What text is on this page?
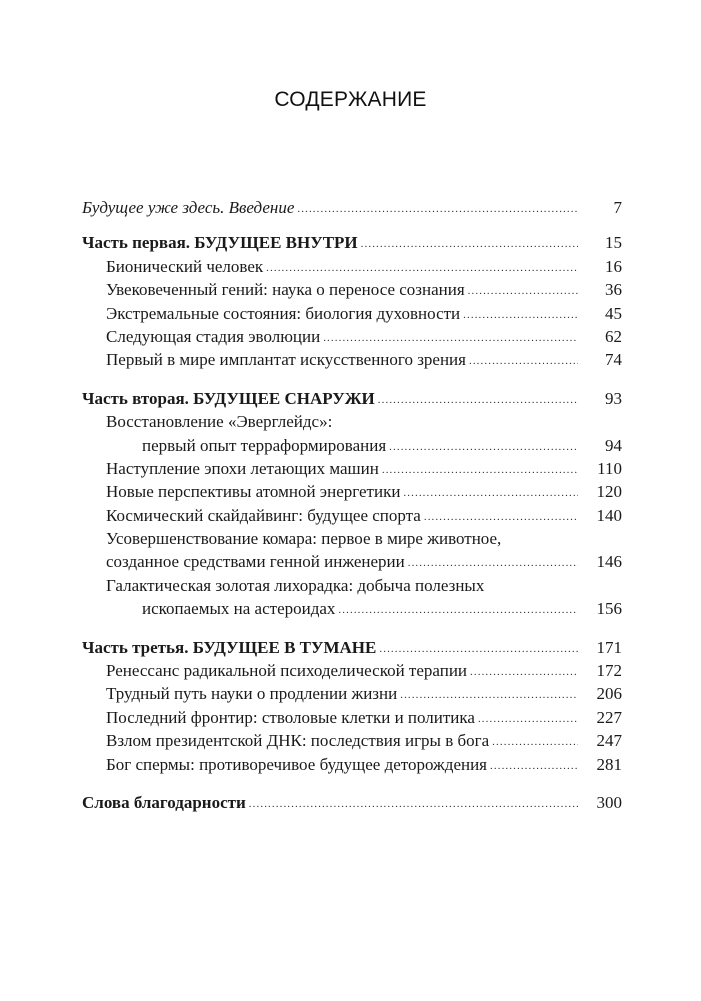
СОДЕРЖАНИЕ
Будущее уже здесь. Введение .....	7
Часть первая. БУДУЩЕЕ ВНУТРИ .....	15
Бионический человек .....	16
Увековеченный гений: наука о переносе сознания .....	36
Экстремальные состояния: биология духовности .....	45
Следующая стадия эволюции .....	62
Первый в мире имплантат искусственного зрения .....	74
Часть вторая. БУДУЩЕЕ СНАРУЖИ .....	93
Восстановление «Эверглейдс»:
первый опыт терраформирования .....	94
Наступление эпохи летающих машин .....	110
Новые перспективы атомной энергетики .....	120
Космический скайдайвинг: будущее спорта .....	140
Усовершенствование комара: первое в мире животное,
созданное средствами генной инженерии .....	146
Галактическая золотая лихорадка: добыча полезных
ископаемых на астероидах .....	156
Часть третья. БУДУЩЕЕ В ТУМАНЕ .....	171
Ренессанс радикальной психоделической терапии .....	172
Трудный путь науки о продлении жизни .....	206
Последний фронтир: стволовые клетки и политика .....	227
Взлом президентской ДНК: последствия игры в бога .....	247
Бог спермы: противоречивое будущее деторождения .....	281
Слова благодарности .....	300
